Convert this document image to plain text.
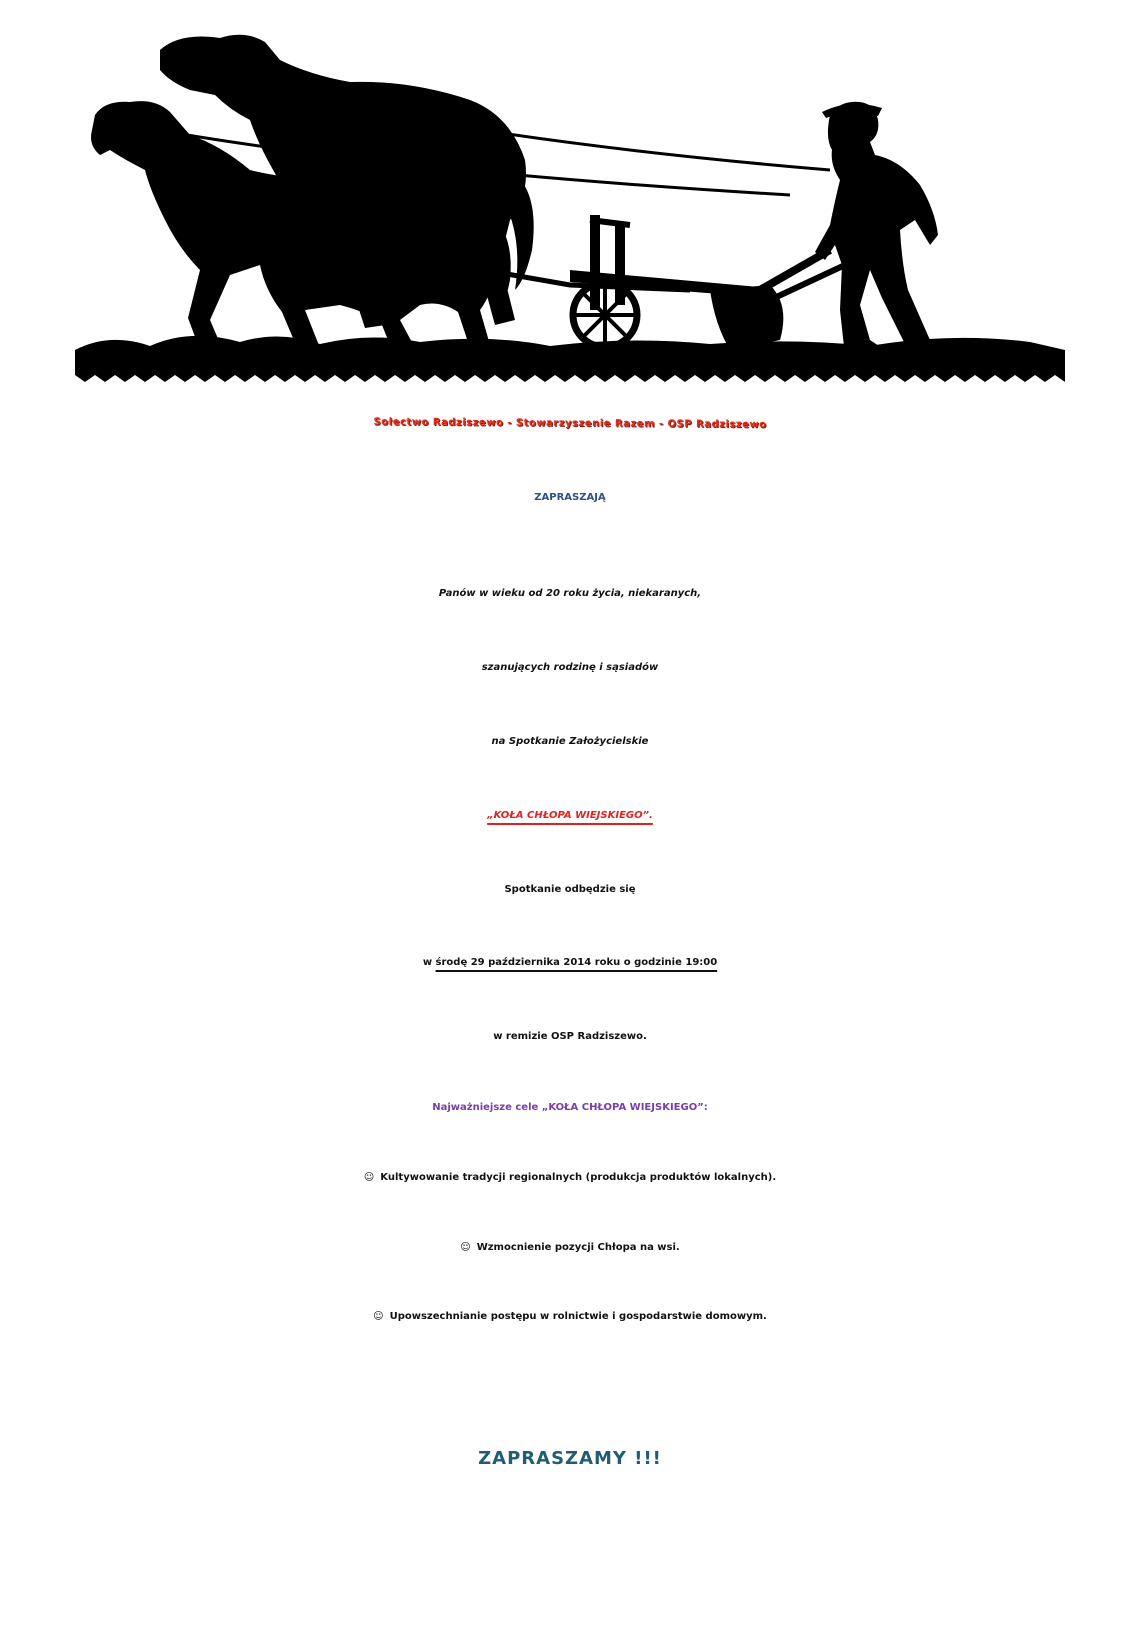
Sołectwo Radziszewo - Stowarzyszenie Razem - OSP Radziszewo
ZAPRASZAJĄ
Panów w wieku od 20 roku życia, niekaranych,
szanujących rodzinę i sąsiadów
na Spotkanie Założycielskie
„KOŁA CHŁOPA WIEJSKIEGO”.
Spotkanie odbędzie się
w środę 29 października 2014 roku o godzinie 19:00
w remizie OSP Radziszewo.
Najważniejsze cele „KOŁA CHŁOPA WIEJSKIEGO”:
☺ Kultywowanie tradycji regionalnych (produkcja produktów lokalnych).
☺ Wzmocnienie pozycji Chłopa na wsi.
☺ Upowszechnianie postępu w rolnictwie i gospodarstwie domowym.
ZAPRASZAMY !!!
